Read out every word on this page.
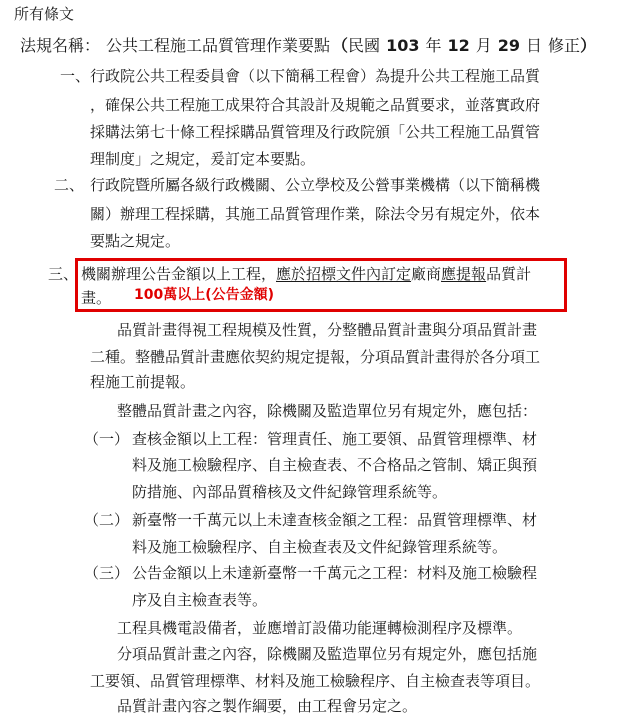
所有條文
法規名稱： 公共工程施工品質管理作業要點 （ 民國 103 年 12 月 29 日 修正 ）
一、 行政院公共工程委員會（以下簡稱工程會）為提升公共工程施工品質
，確保公共工程施工成果符合其設計及規範之品質要求，並落實政府
採購法第七十條工程採購品質管理及行政院頒「公共工程施工品質管
理制度」之規定，爰訂定本要點。
二、 行政院暨所屬各級行政機關、公立學校及公營事業機構（以下簡稱機
關）辦理工程採購，其施工品質管理作業，除法令另有規定外，依本
要點之規定。
三、 機關辦理公告金額以上工程， 應於招標文件內訂定 廠商 應提報 品質計
畫。 100萬以上(公告金額)
品質計畫得視工程規模及性質，分整體品質計畫與分項品質計畫
二種。整體品質計畫應依契約規定提報，分項品質計畫得於各分項工
程施工前提報。
整體品質計畫之內容，除機關及監造單位另有規定外，應包括：
（一） 查核金額以上工程：管理責任、施工要領、品質管理標準、材
料及施工檢驗程序、自主檢查表、不合格品之管制、矯正與預
防措施、內部品質稽核及文件紀錄管理系統等。
（二） 新臺幣一千萬元以上未達查核金額之工程：品質管理標準、材
料及施工檢驗程序、自主檢查表及文件紀錄管理系統等。
（三） 公告金額以上未達新臺幣一千萬元之工程：材料及施工檢驗程
序及自主檢查表等。
工程具機電設備者，並應增訂設備功能運轉檢測程序及標準。
分項品質計畫之內容，除機關及監造單位另有規定外，應包括施
工要領、品質管理標準、材料及施工檢驗程序、自主檢查表等項目。
品質計畫內容之製作綱要，由工程會另定之。
